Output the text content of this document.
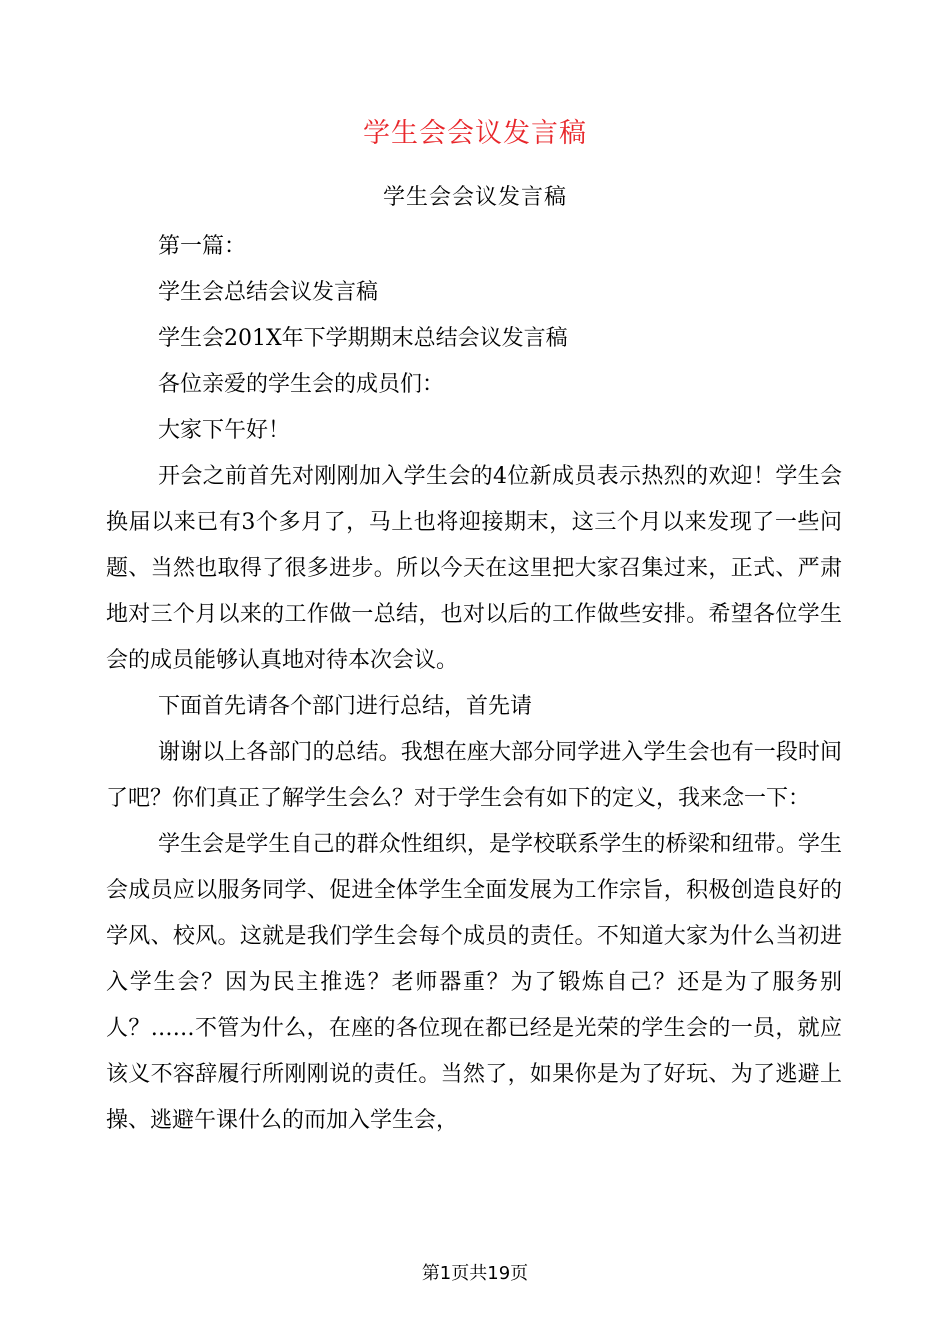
学生会会议发言稿
学生会会议发言稿

第一篇：

学生会总结会议发言稿

学生会201X年下学期期末总结会议发言稿

各位亲爱的学生会的成员们：

大家下午好！

开会之前首先对刚刚加入学生会的4位新成员表示热烈的欢迎！学生会换届以来已有3个多月了，马上也将迎接期末，这三个月以来发现了一些问题、当然也取得了很多进步。所以今天在这里把大家召集过来，正式、严肃地对三个月以来的工作做一总结，也对以后的工作做些安排。希望各位学生会的成员能够认真地对待本次会议。

下面首先请各个部门进行总结，首先请

谢谢以上各部门的总结。我想在座大部分同学进入学生会也有一段时间了吧？你们真正了解学生会么？对于学生会有如下的定义，我来念一下：

学生会是学生自己的群众性组织，是学校联系学生的桥梁和纽带。学生会成员应以服务同学、促进全体学生全面发展为工作宗旨，积极创造良好的学风、校风。这就是我们学生会每个成员的责任。不知道大家为什么当初进入学生会？因为民主推选？老师器重？为了锻炼自己？还是为了服务别人？……不管为什么，在座的各位现在都已经是光荣的学生会的一员，就应该义不容辞履行所刚刚说的责任。当然了，如果你是为了好玩、为了逃避上操、逃避午课什么的而加入学生会，

第1页共19页
